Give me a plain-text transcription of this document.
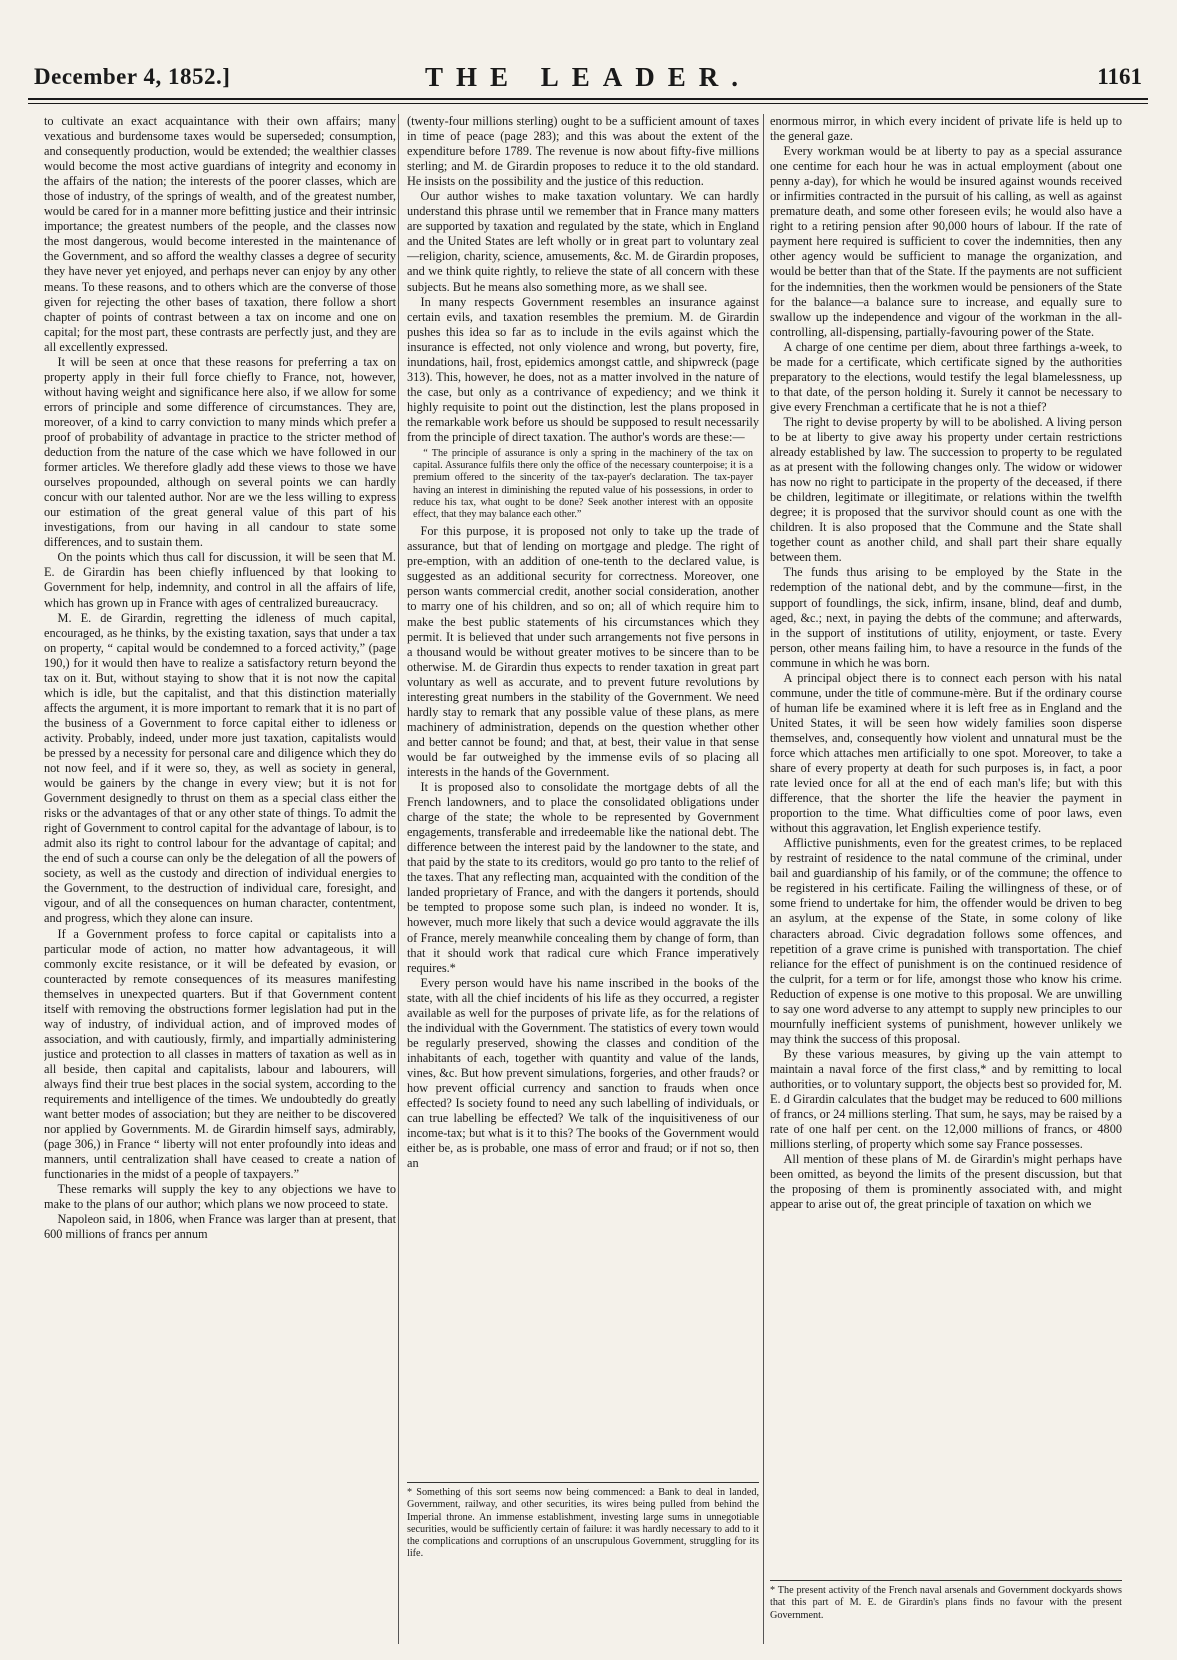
December 4, 1852.]	THE LEADER.	1161

to cultivate an exact acquaintance with their own affairs; many vexatious and burdensome taxes would be superseded; consumption, and consequently production, would be extended; the wealthier classes would become the most active guardians of integrity and economy in the affairs of the nation; the interests of the poorer classes, which are those of industry, of the springs of wealth, and of the greatest number, would be cared for in a manner more befitting justice and their intrinsic importance; the greatest numbers of the people, and the classes now the most dangerous, would become interested in the maintenance of the Government, and so afford the wealthy classes a degree of security they have never yet enjoyed, and perhaps never can enjoy by any other means. To these reasons, and to others which are the converse of those given for rejecting the other bases of taxation, there follow a short chapter of points of contrast between a tax on income and one on capital; for the most part, these contrasts are perfectly just, and they are all excellently expressed.

It will be seen at once that these reasons for preferring a tax on property apply in their full force chiefly to France, not, however, without having weight and significance here also, if we allow for some errors of principle and some difference of circumstances. They are, moreover, of a kind to carry conviction to many minds which prefer a proof of probability of advantage in practice to the stricter method of deduction from the nature of the case which we have followed in our former articles. We therefore gladly add these views to those we have ourselves propounded, although on several points we can hardly concur with our talented author. Nor are we the less willing to express our estimation of the great general value of this part of his investigations, from our having in all candour to state some differences, and to sustain them.

On the points which thus call for discussion, it will be seen that M. E. de Girardin has been chiefly influenced by that looking to Government for help, indemnity, and control in all the affairs of life, which has grown up in France with ages of centralized bureaucracy.

M. E. de Girardin, regretting the idleness of much capital, encouraged, as he thinks, by the existing taxation, says that under a tax on property, “ capital would be condemned to a forced activity,” (page 190,) for it would then have to realize a satisfactory return beyond the tax on it. But, without staying to show that it is not now the capital which is idle, but the capitalist, and that this distinction materially affects the argument, it is more important to remark that it is no part of the business of a Government to force capital either to idleness or activity. Probably, indeed, under more just taxation, capitalists would be pressed by a necessity for personal care and diligence which they do not now feel, and if it were so, they, as well as society in general, would be gainers by the change in every view; but it is not for Government designedly to thrust on them as a special class either the risks or the advantages of that or any other state of things. To admit the right of Government to control capital for the advantage of labour, is to admit also its right to control labour for the advantage of capital; and the end of such a course can only be the delegation of all the powers of society, as well as the custody and direction of individual energies to the Government, to the destruction of individual care, foresight, and vigour, and of all the consequences on human character, contentment, and progress, which they alone can insure.

If a Government profess to force capital or capitalists into a particular mode of action, no matter how advantageous, it will commonly excite resistance, or it will be defeated by evasion, or counteracted by remote consequences of its measures manifesting themselves in unexpected quarters. But if that Government content itself with removing the obstructions former legislation had put in the way of industry, of individual action, and of improved modes of association, and with cautiously, firmly, and impartially administering justice and protection to all classes in matters of taxation as well as in all beside, then capital and capitalists, labour and labourers, will always find their true best places in the social system, according to the requirements and intelligence of the times. We undoubtedly do greatly want better modes of association; but they are neither to be discovered nor applied by Governments. M. de Girardin himself says, admirably, (page 306,) in France “ liberty will not enter profoundly into ideas and manners, until centralization shall have ceased to create a nation of functionaries in the midst of a people of taxpayers.”

These remarks will supply the key to any objections we have to make to the plans of our author; which plans we now proceed to state.

Napoleon said, in 1806, when France was larger than at present, that 600 millions of francs per annum

(twenty-four millions sterling) ought to be a sufficient amount of taxes in time of peace (page 283); and this was about the extent of the expenditure before 1789. The revenue is now about fifty-five millions sterling; and M. de Girardin proposes to reduce it to the old standard. He insists on the possibility and the justice of this reduction.

Our author wishes to make taxation voluntary. We can hardly understand this phrase until we remember that in France many matters are supported by taxation and regulated by the state, which in England and the United States are left wholly or in great part to voluntary zeal—religion, charity, science, amusements, &c. M. de Girardin proposes, and we think quite rightly, to relieve the state of all concern with these subjects. But he means also something more, as we shall see.

In many respects Government resembles an insurance against certain evils, and taxation resembles the premium. M. de Girardin pushes this idea so far as to include in the evils against which the insurance is effected, not only violence and wrong, but poverty, fire, inundations, hail, frost, epidemics amongst cattle, and shipwreck (page 313). This, however, he does, not as a matter involved in the nature of the case, but only as a contrivance of expediency; and we think it highly requisite to point out the distinction, lest the plans proposed in the remarkable work before us should be supposed to result necessarily from the principle of direct taxation. The author's words are these:—

“ The principle of assurance is only a spring in the machinery of the tax on capital. Assurance fulfils there only the office of the necessary counterpoise; it is a premium offered to the sincerity of the tax-payer's declaration. The tax-payer having an interest in diminishing the reputed value of his possessions, in order to reduce his tax, what ought to be done? Seek another interest with an opposite effect, that they may balance each other.”

For this purpose, it is proposed not only to take up the trade of assurance, but that of lending on mortgage and pledge. The right of pre-emption, with an addition of one-tenth to the declared value, is suggested as an additional security for correctness. Moreover, one person wants commercial credit, another social consideration, another to marry one of his children, and so on; all of which require him to make the best public statements of his circumstances which they permit. It is believed that under such arrangements not five persons in a thousand would be without greater motives to be sincere than to be otherwise. M. de Girardin thus expects to render taxation in great part voluntary as well as accurate, and to prevent future revolutions by interesting great numbers in the stability of the Government. We need hardly stay to remark that any possible value of these plans, as mere machinery of administration, depends on the question whether other and better cannot be found; and that, at best, their value in that sense would be far outweighed by the immense evils of so placing all interests in the hands of the Government.

It is proposed also to consolidate the mortgage debts of all the French landowners, and to place the consolidated obligations under charge of the state; the whole to be represented by Government engagements, transferable and irredeemable like the national debt. The difference between the interest paid by the landowner to the state, and that paid by the state to its creditors, would go pro tanto to the relief of the taxes. That any reflecting man, acquainted with the condition of the landed proprietary of France, and with the dangers it portends, should be tempted to propose some such plan, is indeed no wonder. It is, however, much more likely that such a device would aggravate the ills of France, merely meanwhile concealing them by change of form, than that it should work that radical cure which France imperatively requires.*

Every person would have his name inscribed in the books of the state, with all the chief incidents of his life as they occurred, a register available as well for the purposes of private life, as for the relations of the individual with the Government. The statistics of every town would be regularly preserved, showing the classes and condition of the inhabitants of each, together with quantity and value of the lands, vines, &c. But how prevent simulations, forgeries, and other frauds? or how prevent official currency and sanction to frauds when once effected? Is society found to need any such labelling of individuals, or can true labelling be effected? We talk of the inquisitiveness of our income-tax; but what is it to this? The books of the Government would either be, as is probable, one mass of error and fraud; or if not so, then an

* Something of this sort seems now being commenced: a Bank to deal in landed, Government, railway, and other securities, its wires being pulled from behind the Imperial throne. An immense establishment, investing large sums in unnegotiable securities, would be sufficiently certain of failure: it was hardly necessary to add to it the complications and corruptions of an unscrupulous Government, struggling for its life.

enormous mirror, in which every incident of private life is held up to the general gaze.

Every workman would be at liberty to pay as a special assurance one centime for each hour he was in actual employment (about one penny a-day), for which he would be insured against wounds received or infirmities contracted in the pursuit of his calling, as well as against premature death, and some other foreseen evils; he would also have a right to a retiring pension after 90,000 hours of labour. If the rate of payment here required is sufficient to cover the indemnities, then any other agency would be sufficient to manage the organization, and would be better than that of the State. If the payments are not sufficient for the indemnities, then the workmen would be pensioners of the State for the balance—a balance sure to increase, and equally sure to swallow up the independence and vigour of the workman in the all-controlling, all-dispensing, partially-favouring power of the State.

A charge of one centime per diem, about three farthings a-week, to be made for a certificate, which certificate signed by the authorities preparatory to the elections, would testify the legal blamelessness, up to that date, of the person holding it. Surely it cannot be necessary to give every Frenchman a certificate that he is not a thief?

The right to devise property by will to be abolished. A living person to be at liberty to give away his property under certain restrictions already established by law. The succession to property to be regulated as at present with the following changes only. The widow or widower has now no right to participate in the property of the deceased, if there be children, legitimate or illegitimate, or relations within the twelfth degree; it is proposed that the survivor should count as one with the children. It is also proposed that the Commune and the State shall together count as another child, and shall part their share equally between them.

The funds thus arising to be employed by the State in the redemption of the national debt, and by the commune—first, in the support of foundlings, the sick, infirm, insane, blind, deaf and dumb, aged, &c.; next, in paying the debts of the commune; and afterwards, in the support of institutions of utility, enjoyment, or taste. Every person, other means failing him, to have a resource in the funds of the commune in which he was born.

A principal object there is to connect each person with his natal commune, under the title of commune-mère. But if the ordinary course of human life be examined where it is left free as in England and the United States, it will be seen how widely families soon disperse themselves, and, consequently how violent and unnatural must be the force which attaches men artificially to one spot. Moreover, to take a share of every property at death for such purposes is, in fact, a poor rate levied once for all at the end of each man's life; but with this difference, that the shorter the life the heavier the payment in proportion to the time. What difficulties come of poor laws, even without this aggravation, let English experience testify.

Afflictive punishments, even for the greatest crimes, to be replaced by restraint of residence to the natal commune of the criminal, under bail and guardianship of his family, or of the commune; the offence to be registered in his certificate. Failing the willingness of these, or of some friend to undertake for him, the offender would be driven to beg an asylum, at the expense of the State, in some colony of like characters abroad. Civic degradation follows some offences, and repetition of a grave crime is punished with transportation. The chief reliance for the effect of punishment is on the continued residence of the culprit, for a term or for life, amongst those who know his crime. Reduction of expense is one motive to this proposal. We are unwilling to say one word adverse to any attempt to supply new principles to our mournfully inefficient systems of punishment, however unlikely we may think the success of this proposal.

By these various measures, by giving up the vain attempt to maintain a naval force of the first class,* and by remitting to local authorities, or to voluntary support, the objects best so provided for, M. E. d Girardin calculates that the budget may be reduced to 600 millions of francs, or 24 millions sterling. That sum, he says, may be raised by a rate of one half per cent. on the 12,000 millions of francs, or 4800 millions sterling, of property which some say France possesses.

All mention of these plans of M. de Girardin's might perhaps have been omitted, as beyond the limits of the present discussion, but that the proposing of them is prominently associated with, and might appear to arise out of, the great principle of taxation on which we

* The present activity of the French naval arsenals and Government dockyards shows that this part of M. E. de Girardin's plans finds no favour with the present Government.
